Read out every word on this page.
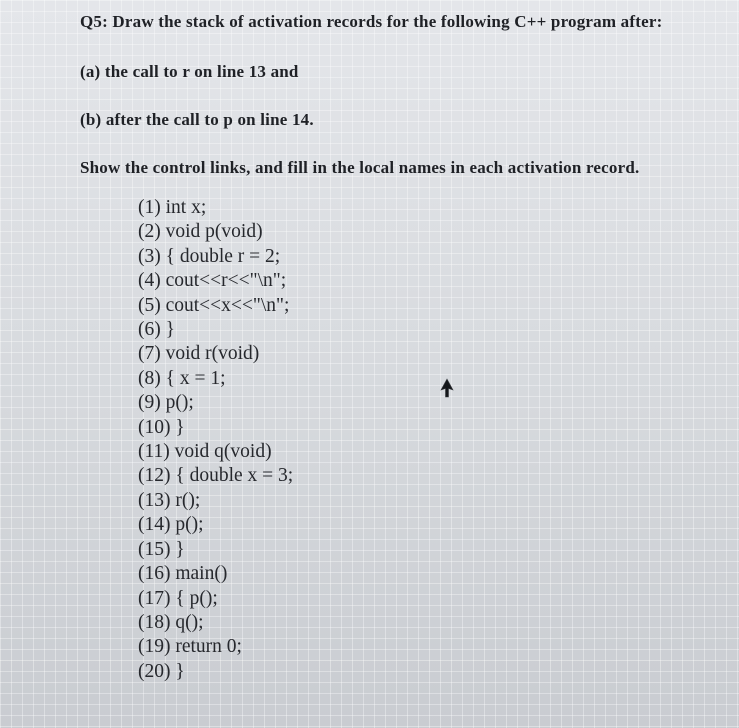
Q5: Draw the stack of activation records for the following C++ program after:
(a) the call to r on line 13 and
(b) after the call to p on line 14.
Show the control links, and fill in the local names in each activation record.
(1) int x;
(2) void p(void)
(3) { double r = 2;
(4) cout<<r<<"\n";
(5) cout<<x<<"\n";
(6) }
(7) void r(void)
(8) { x = 1;
(9) p();
(10) }
(11) void q(void)
(12) { double x = 3;
(13) r();
(14) p();
(15) }
(16) main()
(17) { p();
(18) q();
(19) return 0;
(20) }
